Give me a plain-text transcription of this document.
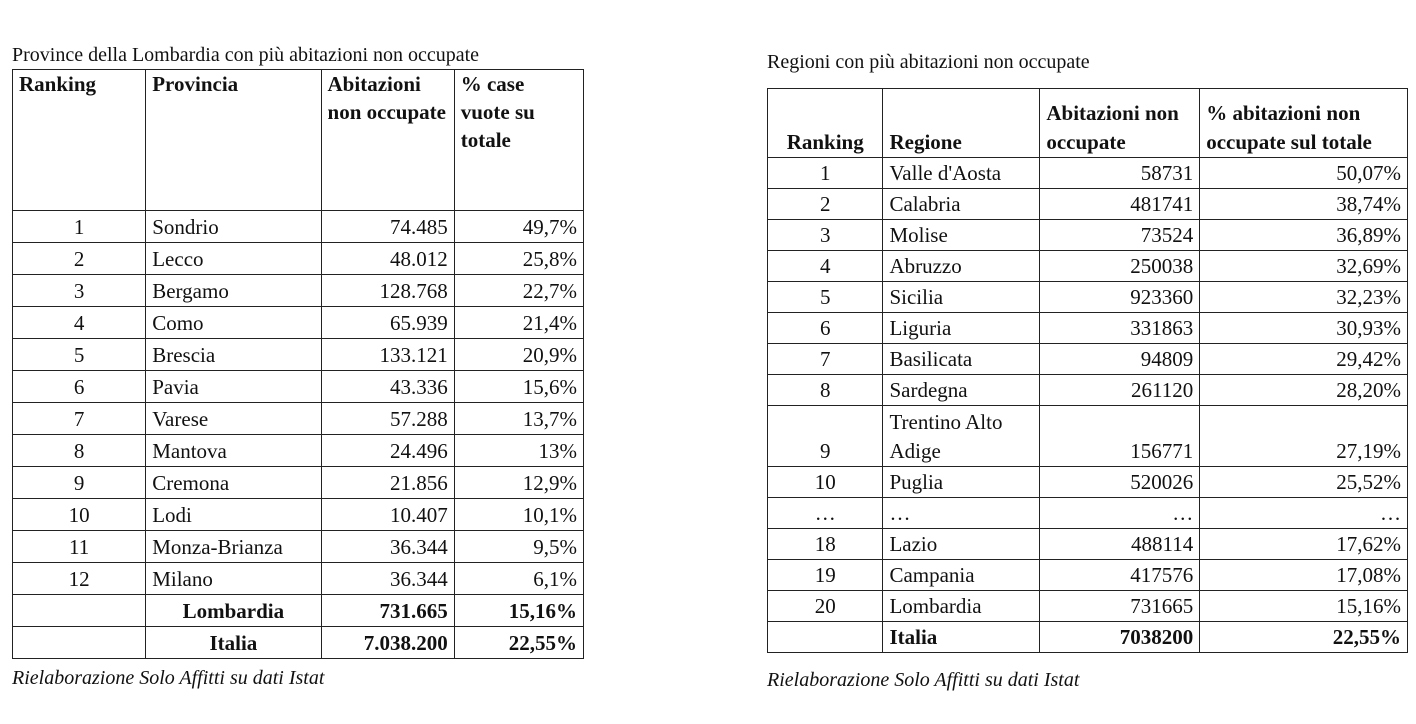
Province della Lombardia con più abitazioni non occupate
Ranking	Provincia	Abitazioni non occupate	% case vuote su totale
1	Sondrio	74.485	49,7%
2	Lecco	48.012	25,8%
3	Bergamo	128.768	22,7%
4	Como	65.939	21,4%
5	Brescia	133.121	20,9%
6	Pavia	43.336	15,6%
7	Varese	57.288	13,7%
8	Mantova	24.496	13%
9	Cremona	21.856	12,9%
10	Lodi	10.407	10,1%
11	Monza-Brianza	36.344	9,5%
12	Milano	36.344	6,1%
	Lombardia	731.665	15,16%
	Italia	7.038.200	22,55%
Rielaborazione Solo Affitti su dati Istat
Regioni con più abitazioni non occupate
Ranking	Regione	Abitazioni non occupate	% abitazioni non occupate sul totale
1	Valle d'Aosta	58731	50,07%
2	Calabria	481741	38,74%
3	Molise	73524	36,89%
4	Abruzzo	250038	32,69%
5	Sicilia	923360	32,23%
6	Liguria	331863	30,93%
7	Basilicata	94809	29,42%
8	Sardegna	261120	28,20%
9	Trentino Alto Adige	156771	27,19%
10	Puglia	520026	25,52%
…	…	…	…
18	Lazio	488114	17,62%
19	Campania	417576	17,08%
20	Lombardia	731665	15,16%
	Italia	7038200	22,55%
Rielaborazione Solo Affitti su dati Istat
